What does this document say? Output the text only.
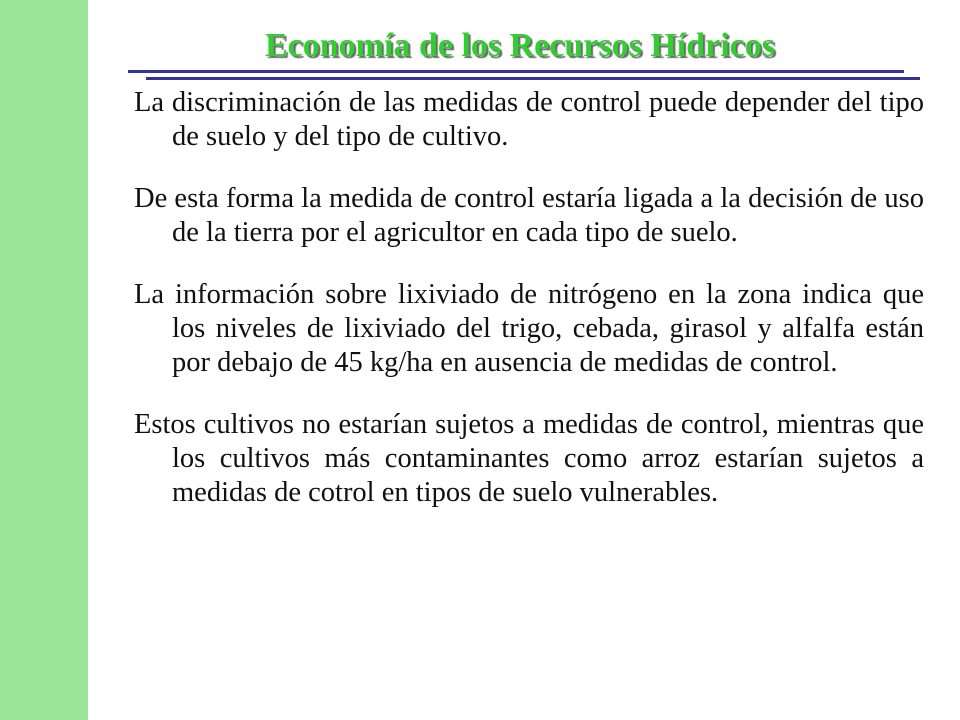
Economía de los Recursos Hídricos

La discriminación de las medidas de control puede depender del tipo de suelo y del tipo de cultivo.

De esta forma la medida de control estaría ligada a la decisión de uso de la tierra por el agricultor en cada tipo de suelo.

La información sobre lixiviado de nitrógeno en la zona indica que los niveles de lixiviado del trigo, cebada, girasol y alfalfa están por debajo de 45 kg/ha en ausencia de medidas de control.

Estos cultivos no estarían sujetos a medidas de control, mientras que los cultivos más contaminantes como arroz estarían sujetos a medidas de cotrol en tipos de suelo vulnerables.
